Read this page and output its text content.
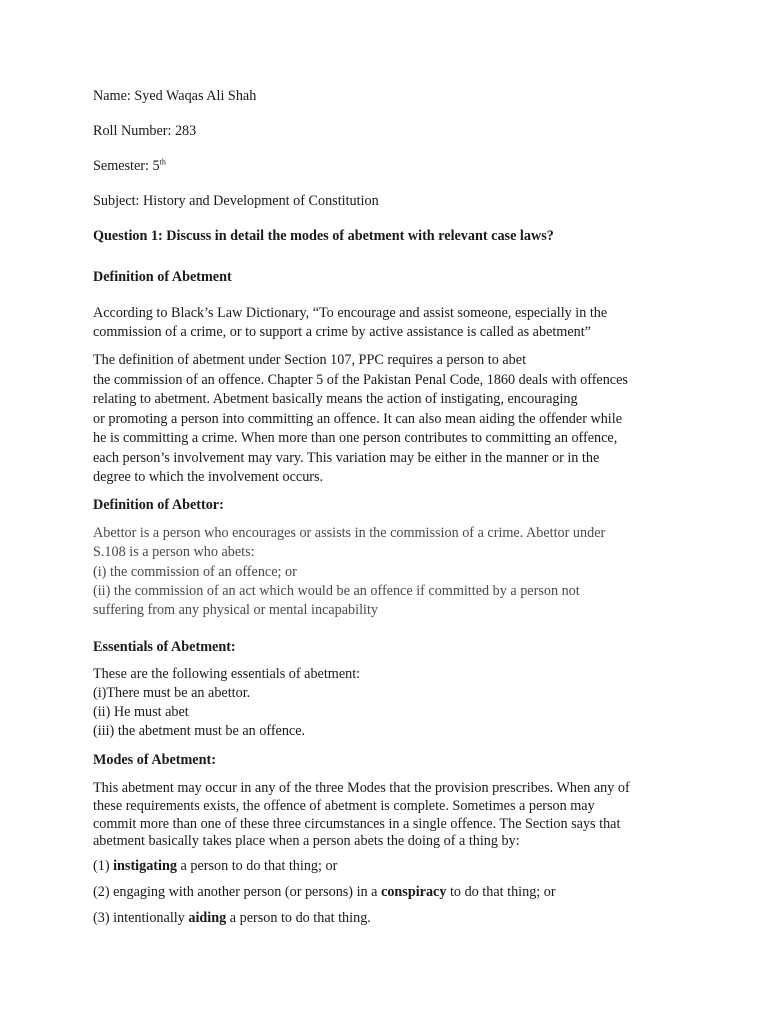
Name: Syed Waqas Ali Shah

Roll Number: 283

Semester: 5th

Subject: History and Development of Constitution

Question 1: Discuss in detail the modes of abetment with relevant case laws?

Definition of Abetment

According to Black’s Law Dictionary, “To encourage and assist someone, especially in the

commission of a crime, or to support a crime by active assistance is called as abetment”

The definition of abetment under Section 107, PPC requires a person to abet

the commission of an offence. Chapter 5 of the Pakistan Penal Code, 1860 deals with offences

relating to abetment. Abetment basically means the action of instigating, encouraging

or promoting a person into committing an offence. It can also mean aiding the offender while

he is committing a crime. When more than one person contributes to committing an offence,

each person’s involvement may vary. This variation may be either in the manner or in the

degree to which the involvement occurs.

Definition of Abettor:

Abettor is a person who encourages or assists in the commission of a crime. Abettor under

S.108 is a person who abets:

(i) the commission of an offence; or

(ii) the commission of an act which would be an offence if committed by a person not

suffering from any physical or mental incapability

Essentials of Abetment:

These are the following essentials of abetment:

(i)There must be an abettor.

(ii) He must abet

(iii) the abetment must be an offence.

Modes of Abetment:

This abetment may occur in any of the three Modes that the provision prescribes. When any of

these requirements exists, the offence of abetment is complete. Sometimes a person may

commit more than one of these three circumstances in a single offence. The Section says that

abetment basically takes place when a person abets the doing of a thing by:

(1) instigating a person to do that thing; or

(2) engaging with another person (or persons) in a conspiracy to do that thing; or

(3) intentionally aiding a person to do that thing.
